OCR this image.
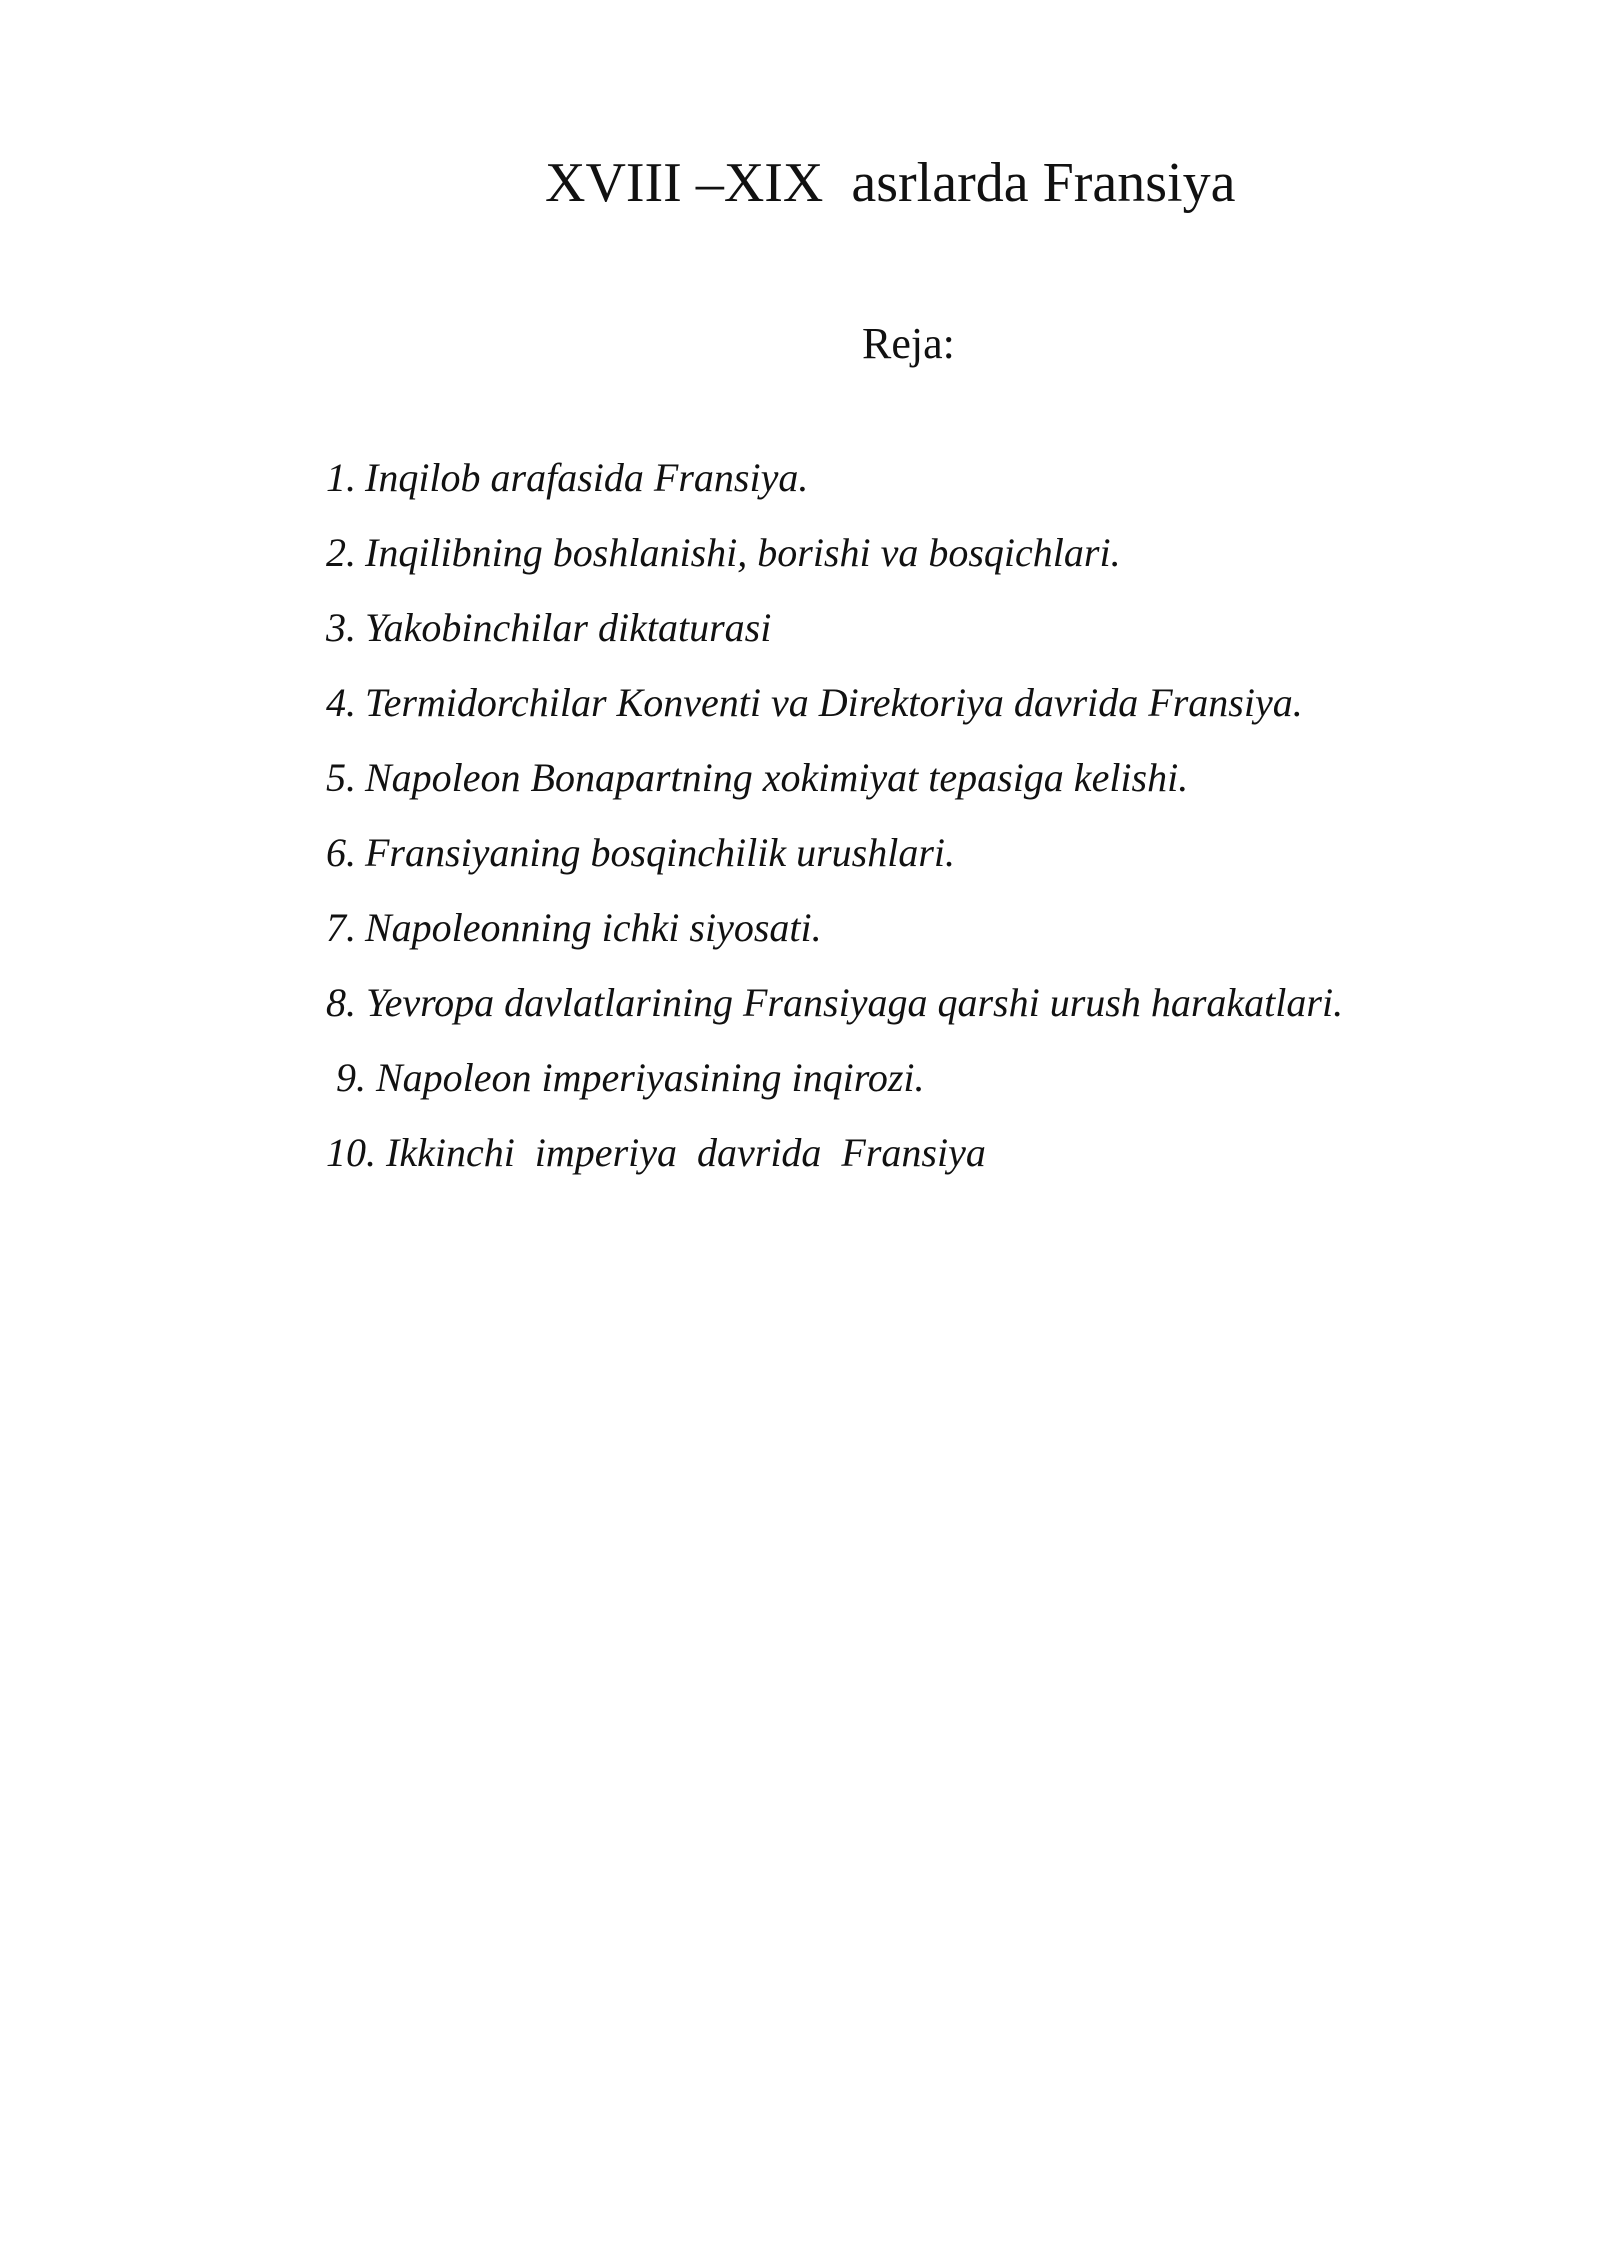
XVIII –XIX  asrlarda Fransiya
Reja:
1. Inqilob arafasida Fransiya.
2. Inqilibning boshlanishi, borishi va bosqichlari.
3. Yakobinchilar diktaturasi
4. Termidorchilar Konventi va Direktoriya davrida Fransiya.
5. Napoleon Bonapartning xokimiyat tepasiga kelishi.
6. Fransiyaning bosqinchilik urushlari.
7. Napoleonning ichki siyosati.
8. Yevropa davlatlarining Fransiyaga qarshi urush harakatlari.
9. Napoleon imperiyasining inqirozi.
10. Ikkinchi  imperiya  davrida  Fransiya
